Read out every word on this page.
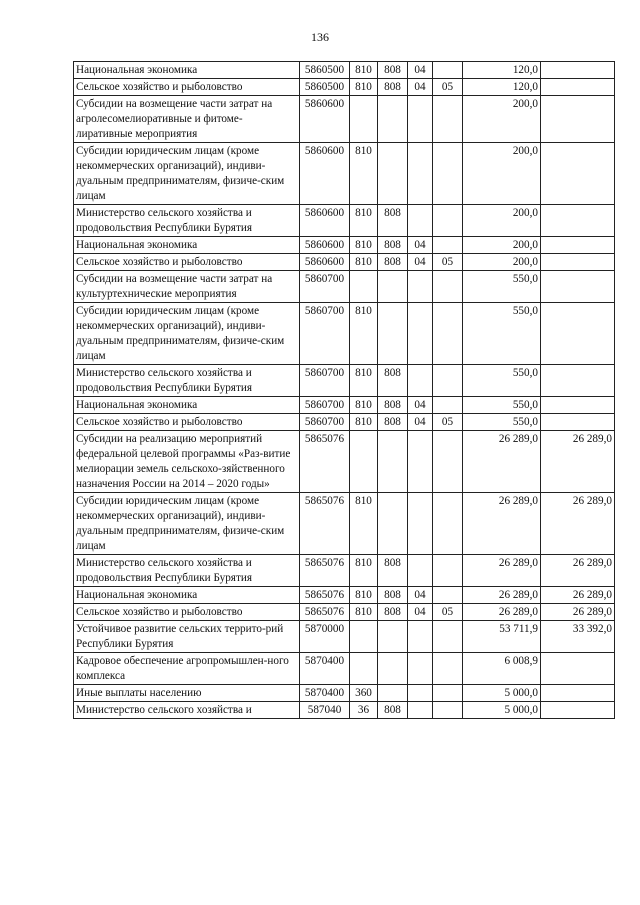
136
Национальная экономика	5860500	810	808	04		120,0	
Сельское хозяйство и рыболовство	5860500	810	808	04	05	120,0	
Субсидии на возмещение части затрат на агролесомелиоративные и фитоме-лиративные мероприятия	5860600					200,0	
Субсидии юридическим лицам (кроме некоммерческих организаций), индиви-дуальным предпринимателям, физиче-ским лицам	5860600	810				200,0	
Министерство сельского хозяйства и продовольствия Республики Бурятия	5860600	810	808			200,0	
Национальная экономика	5860600	810	808	04		200,0	
Сельское хозяйство и рыболовство	5860600	810	808	04	05	200,0	
Субсидии на возмещение части затрат на культуртехнические мероприятия	5860700					550,0	
Субсидии юридическим лицам (кроме некоммерческих организаций), индиви-дуальным предпринимателям, физиче-ским лицам	5860700	810				550,0	
Министерство сельского хозяйства и продовольствия Республики Бурятия	5860700	810	808			550,0	
Национальная экономика	5860700	810	808	04		550,0	
Сельское хозяйство и рыболовство	5860700	810	808	04	05	550,0	
Субсидии на реализацию мероприятий федеральной целевой программы «Раз-витие мелиорации земель сельскохо-зяйственного назначения России на 2014 – 2020 годы»	5865076					26 289,0	26 289,0
Субсидии юридическим лицам (кроме некоммерческих организаций), индиви-дуальным предпринимателям, физиче-ским лицам	5865076	810				26 289,0	26 289,0
Министерство сельского хозяйства и продовольствия Республики Бурятия	5865076	810	808			26 289,0	26 289,0
Национальная экономика	5865076	810	808	04		26 289,0	26 289,0
Сельское хозяйство и рыболовство	5865076	810	808	04	05	26 289,0	26 289,0
Устойчивое развитие сельских террито-рий Республики Бурятия	5870000					53 711,9	33 392,0
Кадровое обеспечение агропромышлен-ного комплекса	5870400					6 008,9	
Иные выплаты населению	5870400	360				5 000,0	
Министерство сельского хозяйства и	587040	36	808			5 000,0	
